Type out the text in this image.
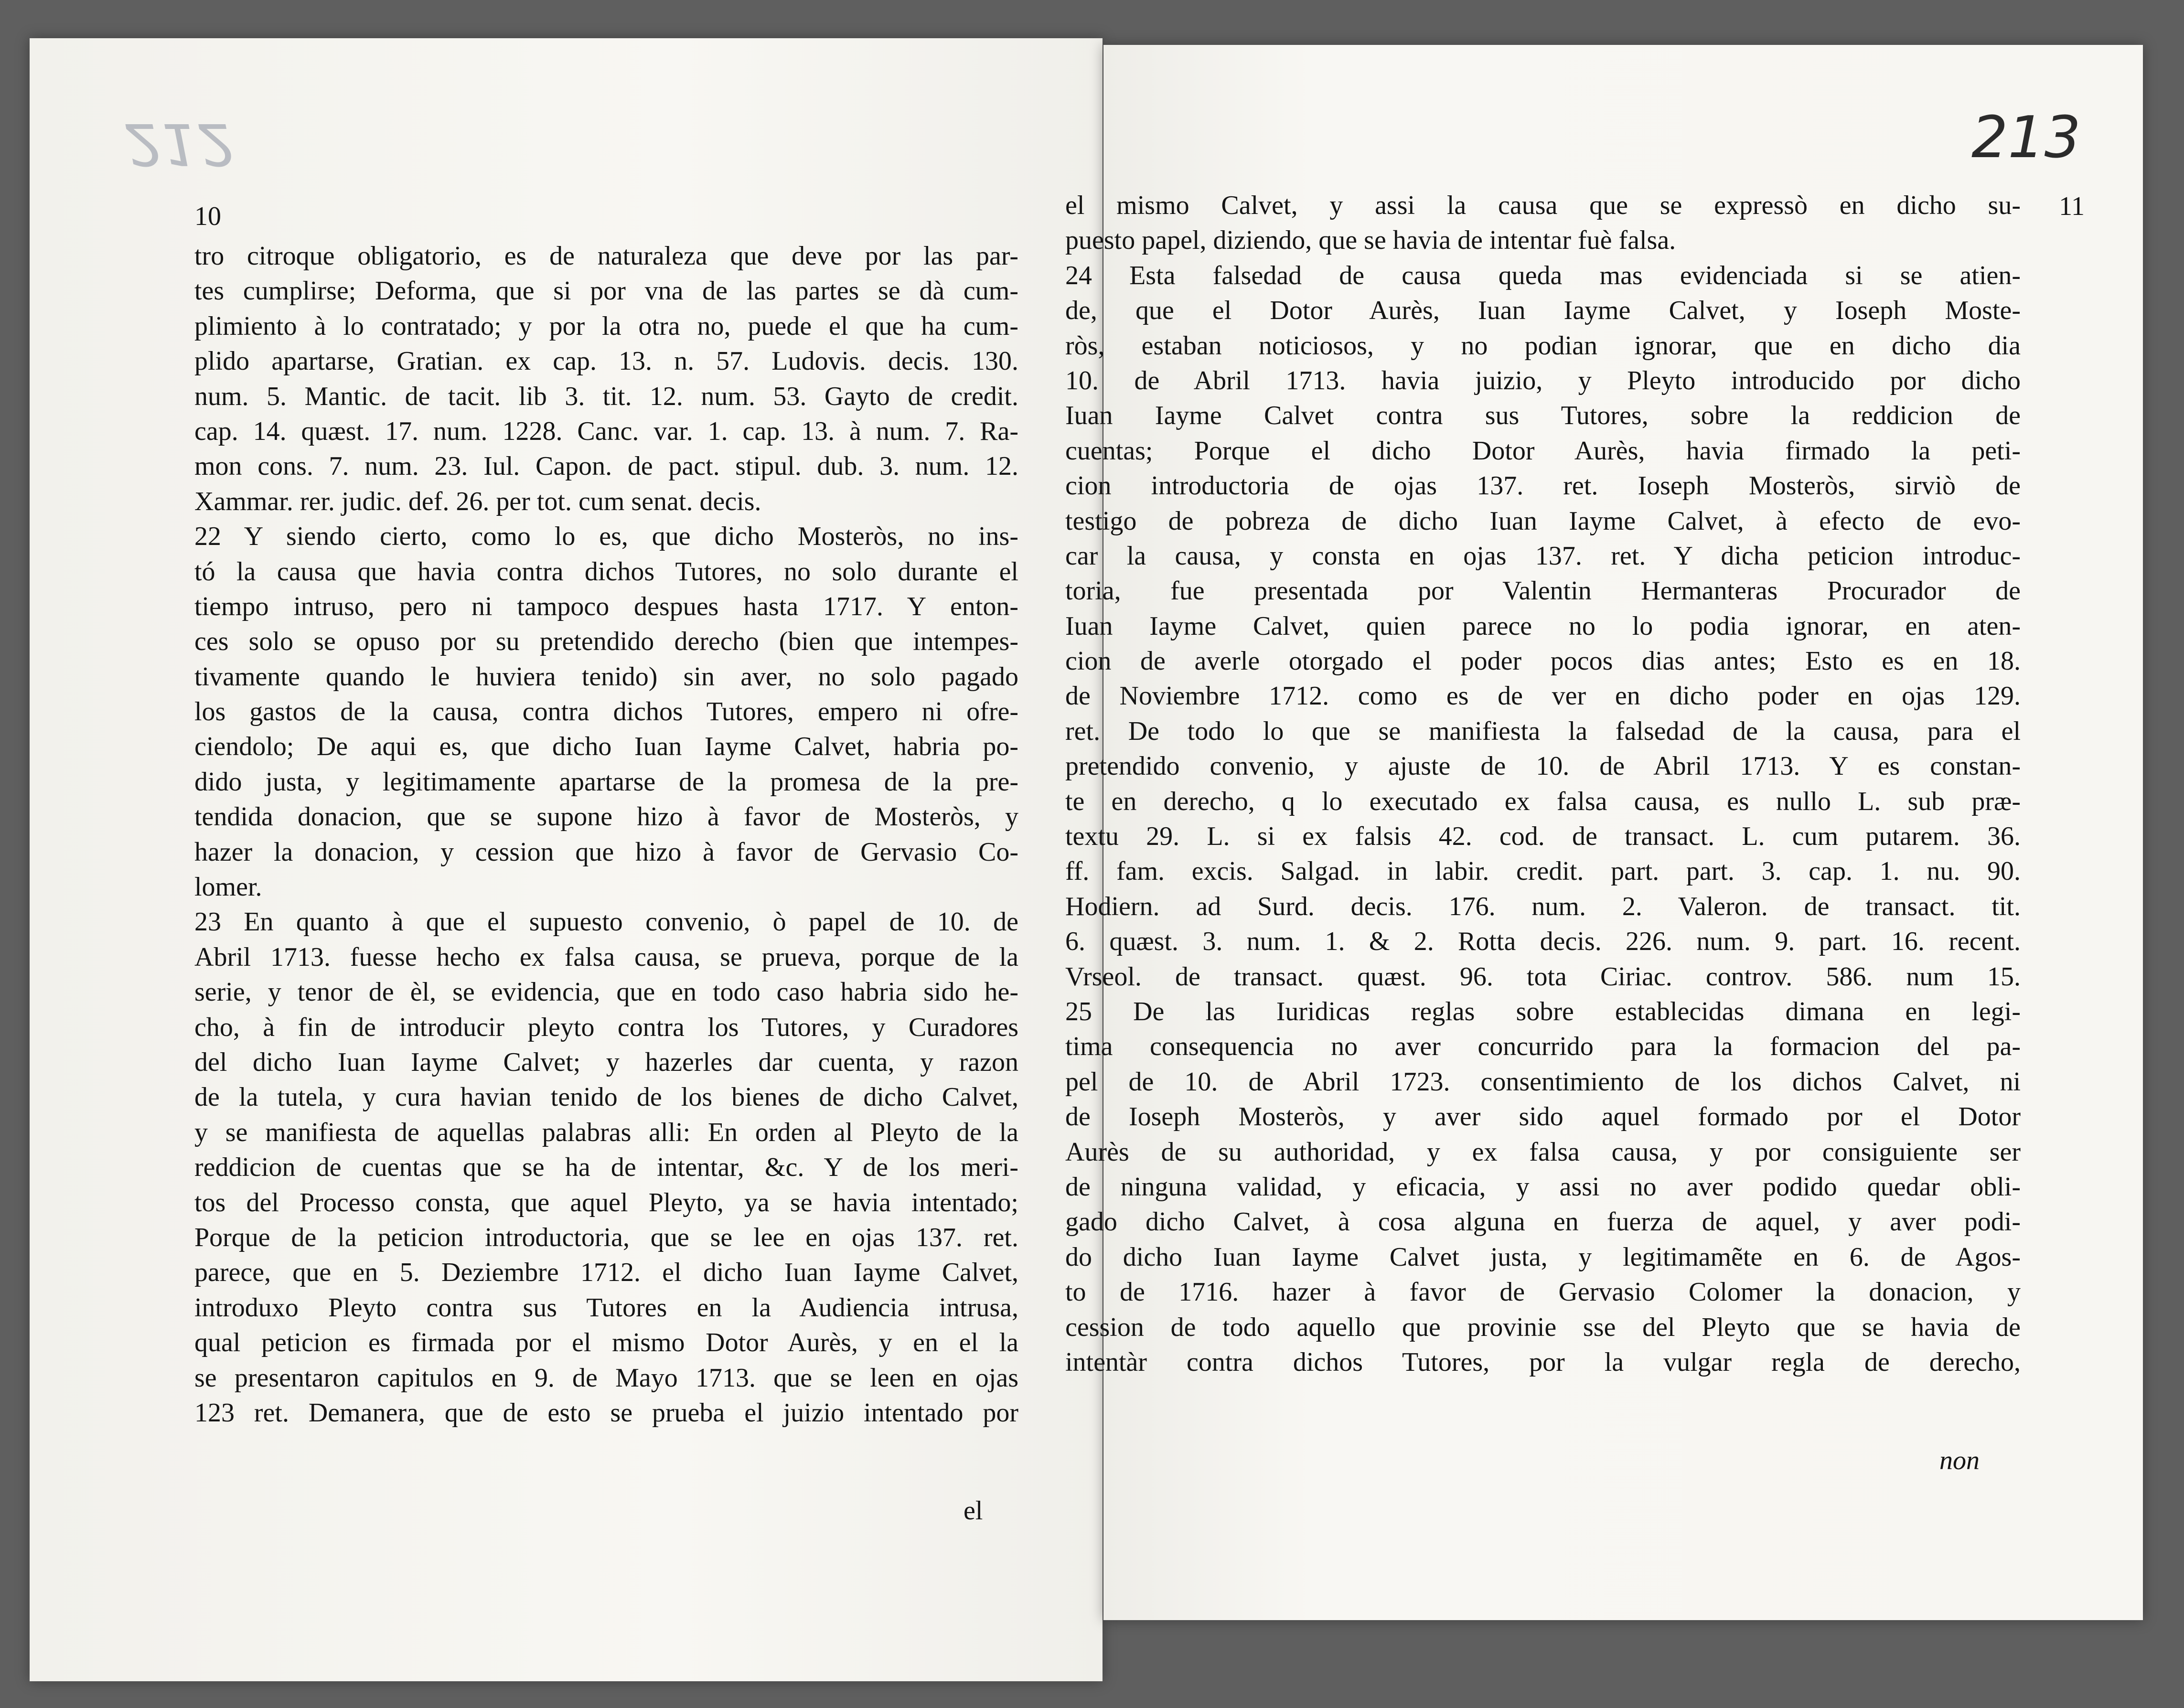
212
10
tro citroque obligatorio, es de naturaleza que deve por las par-
tes cumplirse; Deforma, que si por vna de las partes se dà cum-
plimiento à lo contratado; y por la otra no, puede el que ha cum-
plido apartarse, Gratian. ex cap. 13. n. 57. Ludovis. decis. 130.
num. 5. Mantic. de tacit. lib 3. tit. 12. num. 53. Gayto de credit.
cap. 14. quæst. 17. num. 1228. Canc. var. 1. cap. 13. à num. 7. Ra-
mon cons. 7. num. 23. Iul. Capon. de pact. stipul. dub. 3. num. 12.
Xammar. rer. judic. def. 26. per tot. cum senat. decis.
22 Y siendo cierto, como lo es, que dicho Mosteròs, no ins-
tó la causa que havia contra dichos Tutores, no solo durante el
tiempo intruso, pero ni tampoco despues hasta 1717. Y enton-
ces solo se opuso por su pretendido derecho (bien que intempes-
tivamente quando le huviera tenido) sin aver, no solo pagado
los gastos de la causa, contra dichos Tutores, empero ni ofre-
ciendolo; De aqui es, que dicho Iuan Iayme Calvet, habria po-
dido justa, y legitimamente apartarse de la promesa de la pre-
tendida donacion, que se supone hizo à favor de Mosteròs, y
hazer la donacion, y cession que hizo à favor de Gervasio Co-
lomer.
23 En quanto à que el supuesto convenio, ò papel de 10. de
Abril 1713. fuesse hecho ex falsa causa, se prueva, porque de la
serie, y tenor de èl, se evidencia, que en todo caso habria sido he-
cho, à fin de introducir pleyto contra los Tutores, y Curadores
del dicho Iuan Iayme Calvet; y hazerles dar cuenta, y razon
de la tutela, y cura havian tenido de los bienes de dicho Calvet,
y se manifiesta de aquellas palabras alli: En orden al Pleyto de la
reddicion de cuentas que se ha de intentar, &c. Y de los meri-
tos del Processo consta, que aquel Pleyto, ya se havia intentado;
Porque de la peticion introductoria, que se lee en ojas 137. ret.
parece, que en 5. Deziembre 1712. el dicho Iuan Iayme Calvet,
introduxo Pleyto contra sus Tutores en la Audiencia intrusa,
qual peticion es firmada por el mismo Dotor Aurès, y en el la
se presentaron capitulos en 9. de Mayo 1713. que se leen en ojas
123 ret. Demanera, que de esto se prueba el juizio intentado por
el
213
11
el mismo Calvet, y assi la causa que se expressò en dicho su-
puesto papel, diziendo, que se havia de intentar fuè falsa.
24 Esta falsedad de causa queda mas evidenciada si se atien-
de, que el Dotor Aurès, Iuan Iayme Calvet, y Ioseph Moste-
ròs, estaban noticiosos, y no podian ignorar, que en dicho dia
10. de Abril 1713. havia juizio, y Pleyto introducido por dicho
Iuan Iayme Calvet contra sus Tutores, sobre la reddicion de
cuentas; Porque el dicho Dotor Aurès, havia firmado la peti-
cion introductoria de ojas 137. ret. Ioseph Mosteròs, sirviò de
testigo de pobreza de dicho Iuan Iayme Calvet, à efecto de evo-
car la causa, y consta en ojas 137. ret. Y dicha peticion introduc-
toria, fue presentada por Valentin Hermanteras Procurador de
Iuan Iayme Calvet, quien parece no lo podia ignorar, en aten-
cion de averle otorgado el poder pocos dias antes; Esto es en 18.
de Noviembre 1712. como es de ver en dicho poder en ojas 129.
ret. De todo lo que se manifiesta la falsedad de la causa, para el
pretendido convenio, y ajuste de 10. de Abril 1713. Y es constan-
te en derecho, q lo executado ex falsa causa, es nullo L. sub præ-
textu 29. L. si ex falsis 42. cod. de transact. L. cum putarem. 36.
ff. fam. excis. Salgad. in labir. credit. part. part. 3. cap. 1. nu. 90.
Hodiern. ad Surd. decis. 176. num. 2. Valeron. de transact. tit.
6. quæst. 3. num. 1. & 2. Rotta decis. 226. num. 9. part. 16. recent.
Vrseol. de transact. quæst. 96. tota Ciriac. controv. 586. num 15.
25 De las Iuridicas reglas sobre establecidas dimana en legi-
tima consequencia no aver concurrido para la formacion del pa-
pel de 10. de Abril 1723. consentimiento de los dichos Calvet, ni
de Ioseph Mosteròs, y aver sido aquel formado por el Dotor
Aurès de su authoridad, y ex falsa causa, y por consiguiente ser
de ninguna validad, y eficacia, y assi no aver podido quedar obli-
gado dicho Calvet, à cosa alguna en fuerza de aquel, y aver podi-
do dicho Iuan Iayme Calvet justa, y legitimamẽte en 6. de Agos-
to de 1716. hazer à favor de Gervasio Colomer la donacion, y
cession de todo aquello que provinie sse del Pleyto que se havia de
intentàr contra dichos Tutores, por la vulgar regla de derecho,
non
